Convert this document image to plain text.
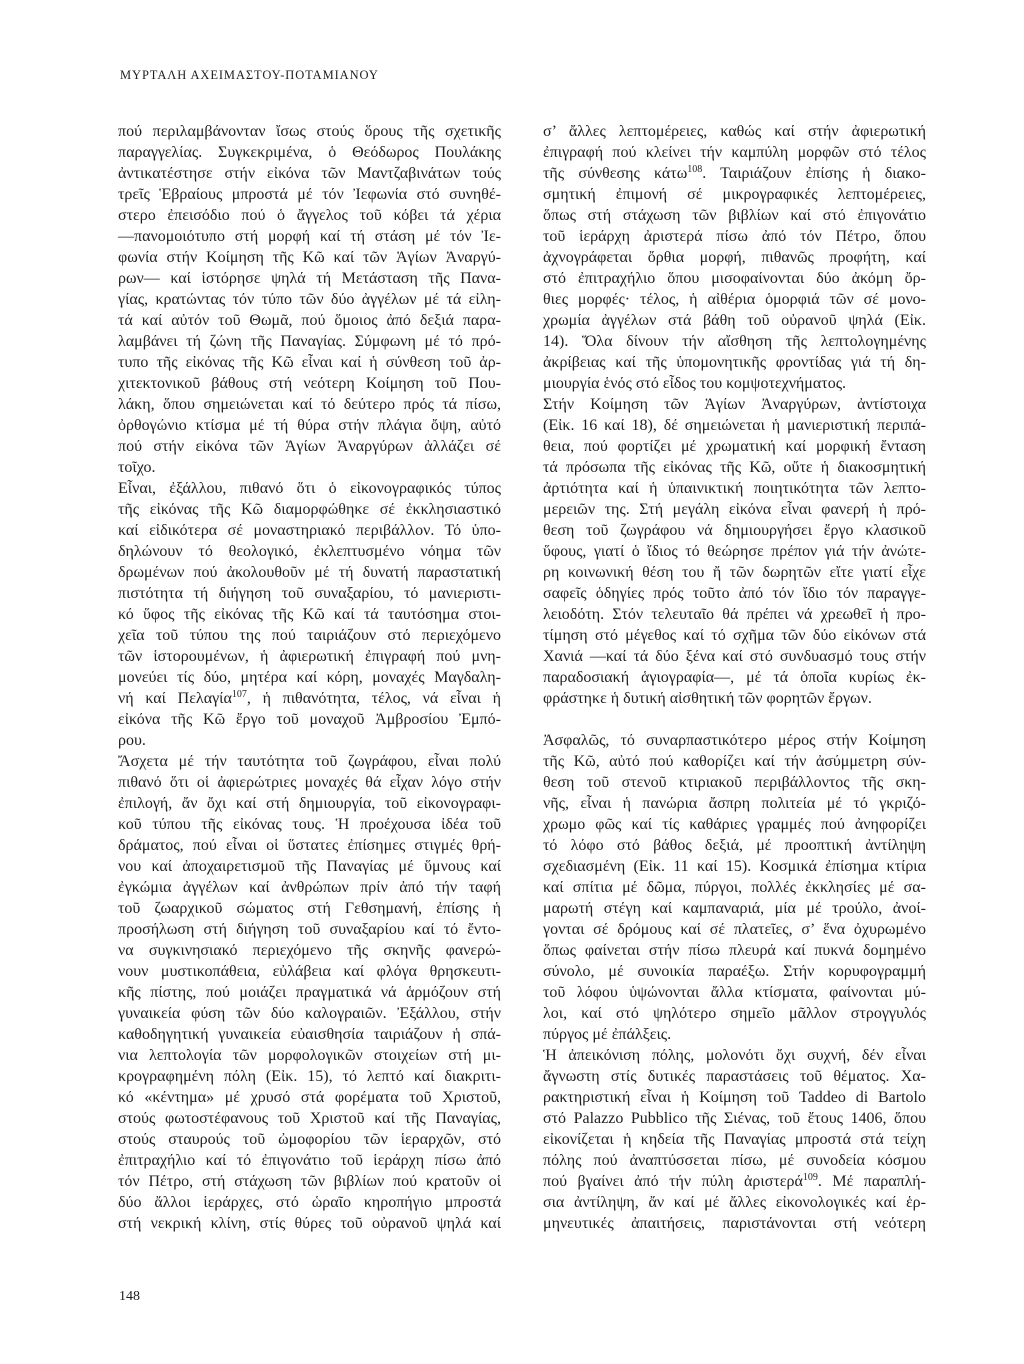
ΜΥΡΤΑΛΗ ΑΧΕΙΜΑΣΤΟΥ-ΠΟΤΑΜΙΑΝΟΥ
πού περιλαμβάνονταν ἴσως στούς ὅρους τῆς σχετικῆς
παραγγελίας. Συγκεκριμένα, ὁ Θεόδωρος Πουλάκης
ἀντικατέστησε στήν εἰκόνα τῶν Μαντζαβινάτων τούς
τρεῖς Ἑβραίους μπροστά μέ τόν Ἰεφωνία στό συνηθέ-
στερο ἐπεισόδιο πού ὁ ἄγγελος τοῦ κόβει τά χέρια
—πανομοιότυπο στή μορφή καί τή στάση μέ τόν Ἰε-
φωνία στήν Κοίμηση τῆς Κῶ καί τῶν Ἁγίων Ἀναργύ-
ρων— καί ἱστόρησε ψηλά τή Μετάσταση τῆς Πανα-
γίας, κρατώντας τόν τύπο τῶν δύο ἀγγέλων μέ τά εἰλη-
τά καί αὐτόν τοῦ Θωμᾶ, πού ὅμοιος ἀπό δεξιά παρα-
λαμβάνει τή ζώνη τῆς Παναγίας. Σύμφωνη μέ τό πρό-
τυπο τῆς εἰκόνας τῆς Κῶ εἶναι καί ἡ σύνθεση τοῦ ἀρ-
χιτεκτονικοῦ βάθους στή νεότερη Κοίμηση τοῦ Που-
λάκη, ὅπου σημειώνεται καί τό δεύτερο πρός τά πίσω,
ὀρθογώνιο κτίσμα μέ τή θύρα στήν πλάγια ὄψη, αὐτό
πού στήν εἰκόνα τῶν Ἁγίων Ἀναργύρων ἀλλάζει σέ
τοῖχο.
Εἶναι, ἐξάλλου, πιθανό ὅτι ὁ εἰκονογραφικός τύπος
τῆς εἰκόνας τῆς Κῶ διαμορφώθηκε σέ ἐκκλησιαστικό
καί εἰδικότερα σέ μοναστηριακό περιβάλλον. Τό ὑπο-
δηλώνουν τό θεολογικό, ἐκλεπτυσμένο νόημα τῶν
δρωμένων πού ἀκολουθοῦν μέ τή δυνατή παραστατική
πιστότητα τή διήγηση τοῦ συναξαρίου, τό μανιεριστι-
κό ὕφος τῆς εἰκόνας τῆς Κῶ καί τά ταυτόσημα στοι-
χεῖα τοῦ τύπου της πού ταιριάζουν στό περιεχόμενο
τῶν ἱστορουμένων, ἡ ἀφιερωτική ἐπιγραφή πού μνη-
μονεύει τίς δύο, μητέρα καί κόρη, μοναχές Μαγδαλη-
νή καί Πελαγία$^{107}$, ἡ πιθανότητα, τέλος, νά εἶναι ἡ
εἰκόνα τῆς Κῶ ἔργο τοῦ μοναχοῦ Ἀμβροσίου Ἐμπό-
ρου.
Ἄσχετα μέ τήν ταυτότητα τοῦ ζωγράφου, εἶναι πολύ
πιθανό ὅτι οἱ ἀφιερώτριες μοναχές θά εἶχαν λόγο στήν
ἐπιλογή, ἄν ὄχι καί στή δημιουργία, τοῦ εἰκονογραφι-
κοῦ τύπου τῆς εἰκόνας τους. Ἡ προέχουσα ἰδέα τοῦ
δράματος, πού εἶναι οἱ ὕστατες ἐπίσημες στιγμές θρή-
νου καί ἀποχαιρετισμοῦ τῆς Παναγίας μέ ὕμνους καί
ἐγκώμια ἀγγέλων καί ἀνθρώπων πρίν ἀπό τήν ταφή
τοῦ ζωαρχικοῦ σώματος στή Γεθσημανή, ἐπίσης ἡ
προσήλωση στή διήγηση τοῦ συναξαρίου καί τό ἔντο-
να συγκινησιακό περιεχόμενο τῆς σκηνῆς φανερώ-
νουν μυστικοπάθεια, εὐλάβεια καί φλόγα θρησκευτι-
κῆς πίστης, πού μοιάζει πραγματικά νά ἁρμόζουν στή
γυναικεία φύση τῶν δύο καλογραιῶν. Ἐξάλλου, στήν
καθοδηγητική γυναικεία εὐαισθησία ταιριάζουν ἡ σπά-
νια λεπτολογία τῶν μορφολογικῶν στοιχείων στή μι-
κρογραφημένη πόλη (Εἰκ. 15), τό λεπτό καί διακριτι-
κό «κέντημα» μέ χρυσό στά φορέματα τοῦ Χριστοῦ,
στούς φωτοστέφανους τοῦ Χριστοῦ καί τῆς Παναγίας,
στούς σταυρούς τοῦ ὠμοφορίου τῶν ἱεραρχῶν, στό
ἐπιτραχήλιο καί τό ἐπιγονάτιο τοῦ ἱεράρχη πίσω ἀπό
τόν Πέτρο, στή στάχωση τῶν βιβλίων πού κρατοῦν οἱ
δύο ἄλλοι ἱεράρχες, στό ὡραῖο κηροπήγιο μπροστά
στή νεκρική κλίνη, στίς θύρες τοῦ οὐρανοῦ ψηλά καί
σ’ ἄλλες λεπτομέρειες, καθώς καί στήν ἀφιερωτική
ἐπιγραφή πού κλείνει τήν καμπύλη μορφῶν στό τέλος
τῆς σύνθεσης κάτω$^{108}$. Ταιριάζουν ἐπίσης ἡ διακο-
σμητική ἐπιμονή σέ μικρογραφικές λεπτομέρειες,
ὅπως στή στάχωση τῶν βιβλίων καί στό ἐπιγονάτιο
τοῦ ἱεράρχη ἀριστερά πίσω ἀπό τόν Πέτρο, ὅπου
ἀχνογράφεται ὄρθια μορφή, πιθανῶς προφήτη, καί
στό ἐπιτραχήλιο ὅπου μισοφαίνονται δύο ἀκόμη ὄρ-
θιες μορφές· τέλος, ἡ αἰθέρια ὁμορφιά τῶν σέ μονο-
χρωμία ἀγγέλων στά βάθη τοῦ οὐρανοῦ ψηλά (Εἰκ.
14). Ὅλα δίνουν τήν αἴσθηση τῆς λεπτολογημένης
ἀκρίβειας καί τῆς ὑπομονητικῆς φροντίδας γιά τή δη-
μιουργία ἑνός στό εἶδος του κομψοτεχνήματος.
Στήν Κοίμηση τῶν Ἁγίων Ἀναργύρων, ἀντίστοιχα
(Εἰκ. 16 καί 18), δέ σημειώνεται ἡ μανιεριστική περιπά-
θεια, πού φορτίζει μέ χρωματική καί μορφική ἔνταση
τά πρόσωπα τῆς εἰκόνας τῆς Κῶ, οὔτε ἡ διακοσμητική
ἀρτιότητα καί ἡ ὑπαινικτική ποιητικότητα τῶν λεπτο-
μερειῶν της. Στή μεγάλη εἰκόνα εἶναι φανερή ἡ πρό-
θεση τοῦ ζωγράφου νά δημιουργήσει ἔργο κλασικοῦ
ὕφους, γιατί ὁ ἴδιος τό θεώρησε πρέπον γιά τήν ἀνώτε-
ρη κοινωνική θέση του ἤ τῶν δωρητῶν εἴτε γιατί εἶχε
σαφεῖς ὁδηγίες πρός τοῦτο ἀπό τόν ἴδιο τόν παραγγε-
λειοδότη. Στόν τελευταῖο θά πρέπει νά χρεωθεῖ ἡ προ-
τίμηση στό μέγεθος καί τό σχῆμα τῶν δύο εἰκόνων στά
Χανιά —καί τά δύο ξένα καί στό συνδυασμό τους στήν
παραδοσιακή ἁγιογραφία—, μέ τά ὁποῖα κυρίως ἐκ-
φράστηκε ἡ δυτική αἰσθητική τῶν φορητῶν ἔργων.
Ἀσφαλῶς, τό συναρπαστικότερο μέρος στήν Κοίμηση
τῆς Κῶ, αὐτό πού καθορίζει καί τήν ἀσύμμετρη σύν-
θεση τοῦ στενοῦ κτιριακοῦ περιβάλλοντος τῆς σκη-
νῆς, εἶναι ἡ πανώρια ἄσπρη πολιτεία μέ τό γκριζό-
χρωμο φῶς καί τίς καθάριες γραμμές πού ἀνηφορίζει
τό λόφο στό βάθος δεξιά, μέ προοπτική ἀντίληψη
σχεδιασμένη (Εἰκ. 11 καί 15). Κοσμικά ἐπίσημα κτίρια
καί σπίτια μέ δῶμα, πύργοι, πολλές ἐκκλησίες μέ σα-
μαρωτή στέγη καί καμπαναριά, μία μέ τρούλο, ἀνοί-
γονται σέ δρόμους καί σέ πλατεῖες, σ’ ἕνα ὀχυρωμένο
ὅπως φαίνεται στήν πίσω πλευρά καί πυκνά δομημένο
σύνολο, μέ συνοικία παραέξω. Στήν κορυφογραμμή
τοῦ λόφου ὑψώνονται ἄλλα κτίσματα, φαίνονται μύ-
λοι, καί στό ψηλότερο σημεῖο μᾶλλον στρογγυλός
πύργος μέ ἐπάλξεις.
Ἡ ἀπεικόνιση πόλης, μολονότι ὄχι συχνή, δέν εἶναι
ἄγνωστη στίς δυτικές παραστάσεις τοῦ θέματος. Χα-
ρακτηριστική εἶναι ἡ Κοίμηση τοῦ Taddeo di Bartolo
στό Palazzo Pubblico τῆς Σιένας, τοῦ ἔτους 1406, ὅπου
εἰκονίζεται ἡ κηδεία τῆς Παναγίας μπροστά στά τείχη
πόλης πού ἀναπτύσσεται πίσω, μέ συνοδεία κόσμου
πού βγαίνει ἀπό τήν πύλη ἀριστερά$^{109}$. Μέ παραπλή-
σια ἀντίληψη, ἄν καί μέ ἄλλες εἰκονολογικές καί ἑρ-
μηνευτικές ἀπαιτήσεις, παριστάνονται στή νεότερη
148
